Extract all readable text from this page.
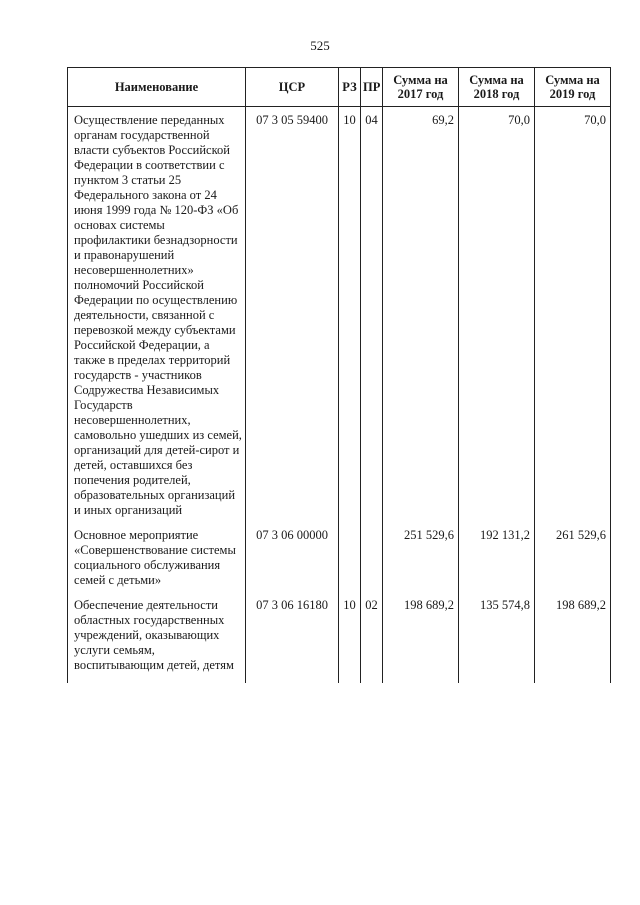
525
Наименование	ЦСР	РЗ	ПР	Сумма на 2017 год	Сумма на 2018 год	Сумма на 2019 год

Осуществление переданных органам государственной власти субъектов Российской Федерации в соответствии с пунктом 3 статьи 25 Федерального закона от 24 июня 1999 года № 120-ФЗ «Об основах системы профилактики безнадзорности и правонарушений несовершеннолетних» полномочий Российской Федерации по осуществлению деятельности, связанной с перевозкой между субъектами Российской Федерации, а также в пределах территорий государств - участников Содружества Независимых Государств несовершеннолетних, самовольно ушедших из семей, организаций для детей-сирот и детей, оставшихся без попечения родителей, образовательных организаций и иных организаций	07 3 05 59400	10	04	69,2	70,0	70,0

Основное мероприятие «Совершенствование системы социального обслуживания семей с детьми»	07 3 06 00000			251 529,6	192 131,2	261 529,6

Обеспечение деятельности областных государственных учреждений, оказывающих услуги семьям, воспитывающим детей, детям	07 3 06 16180	10	02	198 689,2	135 574,8	198 689,2
